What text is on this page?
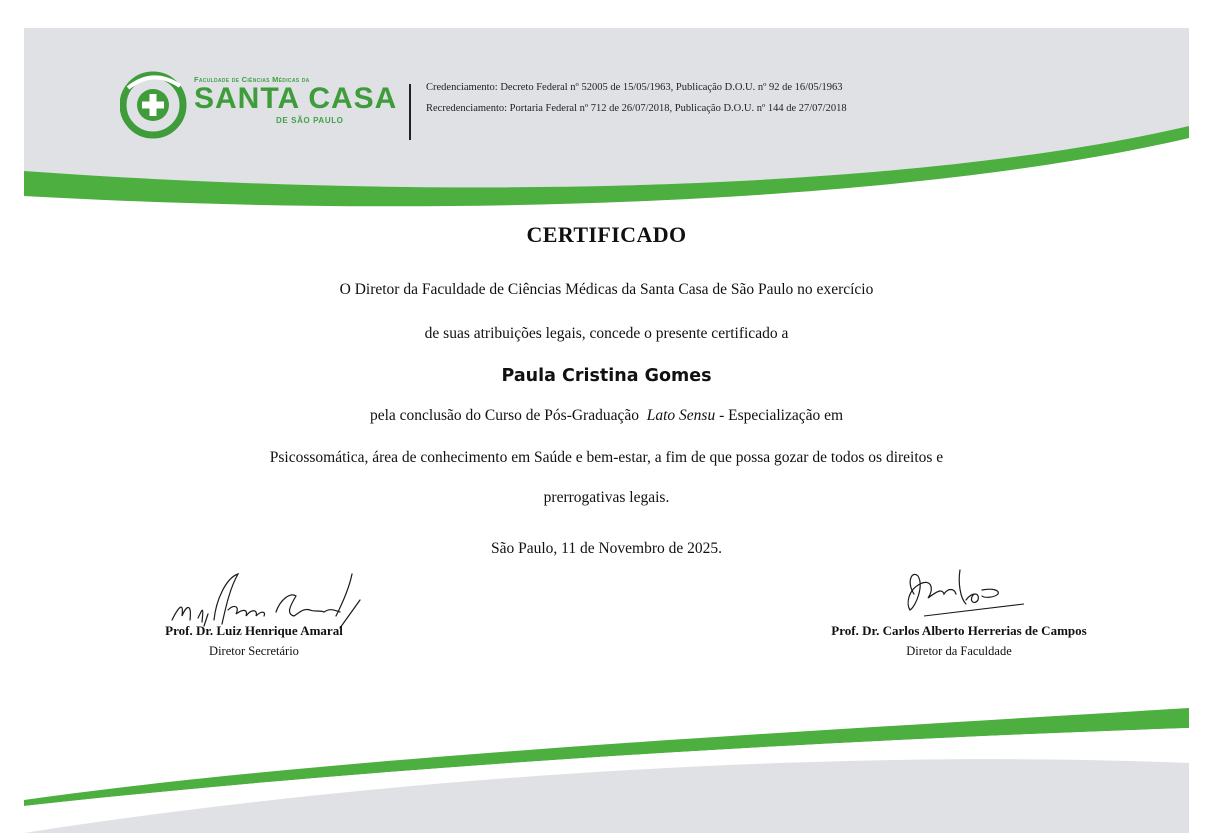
Faculdade de Ciências Médicas da
SANTA CASA
DE SÃO PAULO
Credenciamento: Decreto Federal nº 52005 de 15/05/1963, Publicação D.O.U. nº 92 de 16/05/1963
Recredenciamento: Portaria Federal nº 712 de 26/07/2018, Publicação D.O.U. nº 144 de 27/07/2018
CERTIFICADO
O Diretor da Faculdade de Ciências Médicas da Santa Casa de São Paulo no exercício
de suas atribuições legais, concede o presente certificado a
Paula Cristina Gomes
pela conclusão do Curso de Pós-Graduação Lato Sensu - Especialização em
Psicossomática, área de conhecimento em Saúde e bem-estar, a fim de que possa gozar de todos os direitos e
prerrogativas legais.
São Paulo, 11 de Novembro de 2025.
Prof. Dr. Luiz Henrique Amaral
Diretor Secretário
Prof. Dr. Carlos Alberto Herrerias de Campos
Diretor da Faculdade
